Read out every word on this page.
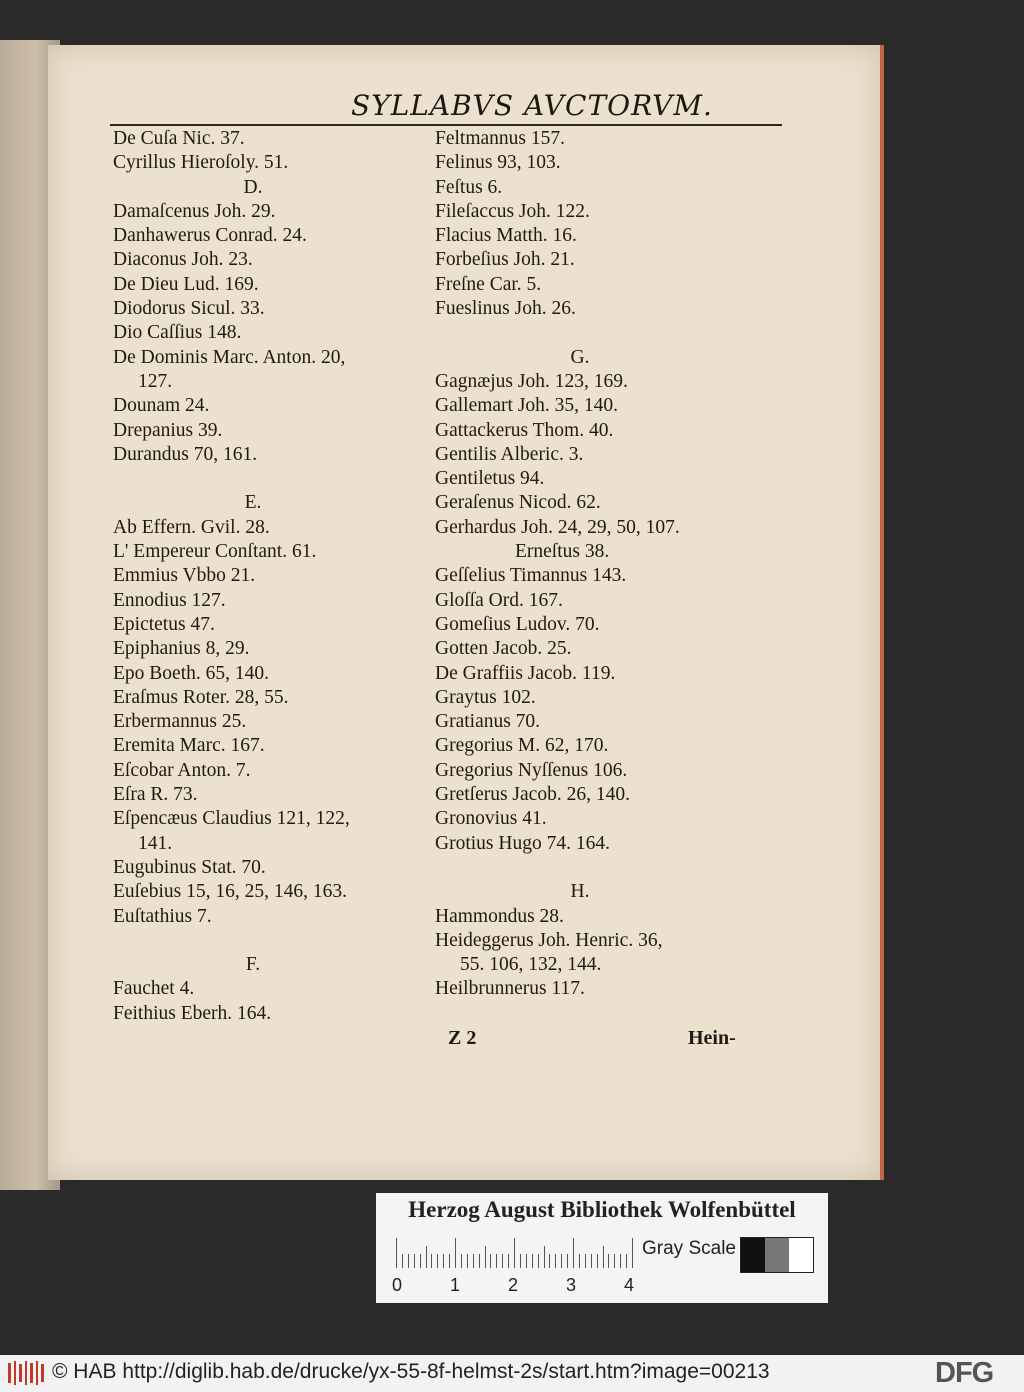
SYLLABVS AVCTORVM.
De Cuſa Nic. 37.
Cyrillus Hieroſoly. 51.
D.
Damaſcenus Joh. 29.
Danhawerus Conrad. 24.
Diaconus Joh. 23.
De Dieu Lud. 169.
Diodorus Sicul. 33.
Dio Caſſius 148.
De Dominis Marc. Anton. 20,
127.
Dounam 24.
Drepanius 39.
Durandus 70, 161.
E.
Ab Effern. Gvil. 28.
L' Empereur Conſtant. 61.
Emmius Vbbo 21.
Ennodius 127.
Epictetus 47.
Epiphanius 8, 29.
Epo Boeth. 65, 140.
Eraſmus Roter. 28, 55.
Erbermannus 25.
Eremita Marc. 167.
Eſcobar Anton. 7.
Eſra R. 73.
Eſpencæus Claudius 121, 122,
141.
Eugubinus Stat. 70.
Euſebius 15, 16, 25, 146, 163.
Euſtathius 7.
F.
Fauchet 4.
Feithius Eberh. 164.
Feltmannus 157.
Felinus 93, 103.
Feſtus 6.
Fileſaccus Joh. 122.
Flacius Matth. 16.
Forbeſius Joh. 21.
Freſne Car. 5.
Fueslinus Joh. 26.
G.
Gagnæjus Joh. 123, 169.
Gallemart Joh. 35, 140.
Gattackerus Thom. 40.
Gentilis Alberic. 3.
Gentiletus 94.
Geraſenus Nicod. 62.
Gerhardus Joh. 24, 29, 50, 107.
Erneſtus 38.
Geſſelius Timannus 143.
Gloſſa Ord. 167.
Gomeſius Ludov. 70.
Gotten Jacob. 25.
De Graffiis Jacob. 119.
Graytus 102.
Gratianus 70.
Gregorius M. 62, 170.
Gregorius Nyſſenus 106.
Gretſerus Jacob. 26, 140.
Gronovius 41.
Grotius Hugo 74. 164.
H.
Hammondus 28.
Heideggerus Joh. Henric. 36,
55. 106, 132, 144.
Heilbrunnerus 117.
Z 2	Hein-
Herzog August Bibliothek Wolfenbüttel
0	1	2	3	4
Gray Scale
© HAB http://diglib.hab.de/drucke/yx-55-8f-helmst-2s/start.htm?image=00213	DFG
